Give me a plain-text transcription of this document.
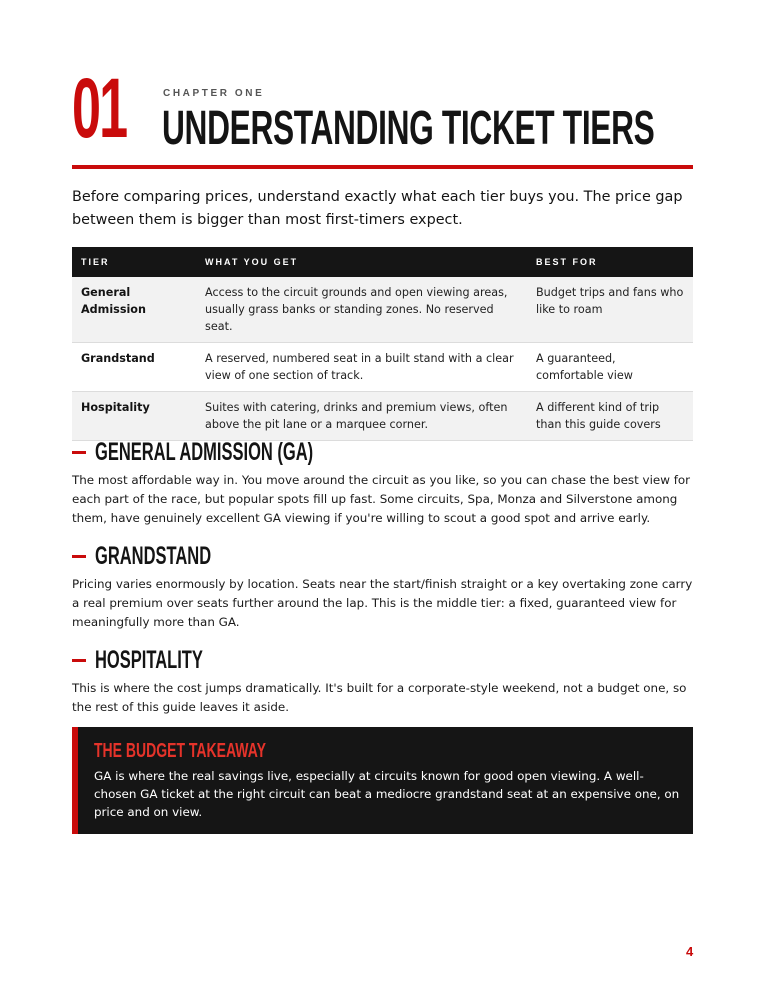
01	CHAPTER ONE
UNDERSTANDING TICKET TIERS

Before comparing prices, understand exactly what each tier buys you. The price gap between them is bigger than most first-timers expect.

TIER	WHAT YOU GET	BEST FOR
General Admission	Access to the circuit grounds and open viewing areas, usually grass banks or standing zones. No reserved seat.	Budget trips and fans who like to roam
Grandstand	A reserved, numbered seat in a built stand with a clear view of one section of track.	A guaranteed, comfortable view
Hospitality	Suites with catering, drinks and premium views, often above the pit lane or a marquee corner.	A different kind of trip than this guide covers
GENERAL ADMISSION (GA)

The most affordable way in. You move around the circuit as you like, so you can chase the best view for each part of the race, but popular spots fill up fast. Some circuits, Spa, Monza and Silverstone among them, have genuinely excellent GA viewing if you're willing to scout a good spot and arrive early.

GRANDSTAND

Pricing varies enormously by location. Seats near the start/finish straight or a key overtaking zone carry a real premium over seats further around the lap. This is the middle tier: a fixed, guaranteed view for meaningfully more than GA.

HOSPITALITY

This is where the cost jumps dramatically. It's built for a corporate-style weekend, not a budget one, so the rest of this guide leaves it aside.

THE BUDGET TAKEAWAY

GA is where the real savings live, especially at circuits known for good open viewing. A well-chosen GA ticket at the right circuit can beat a mediocre grandstand seat at an expensive one, on price and on view.

4
